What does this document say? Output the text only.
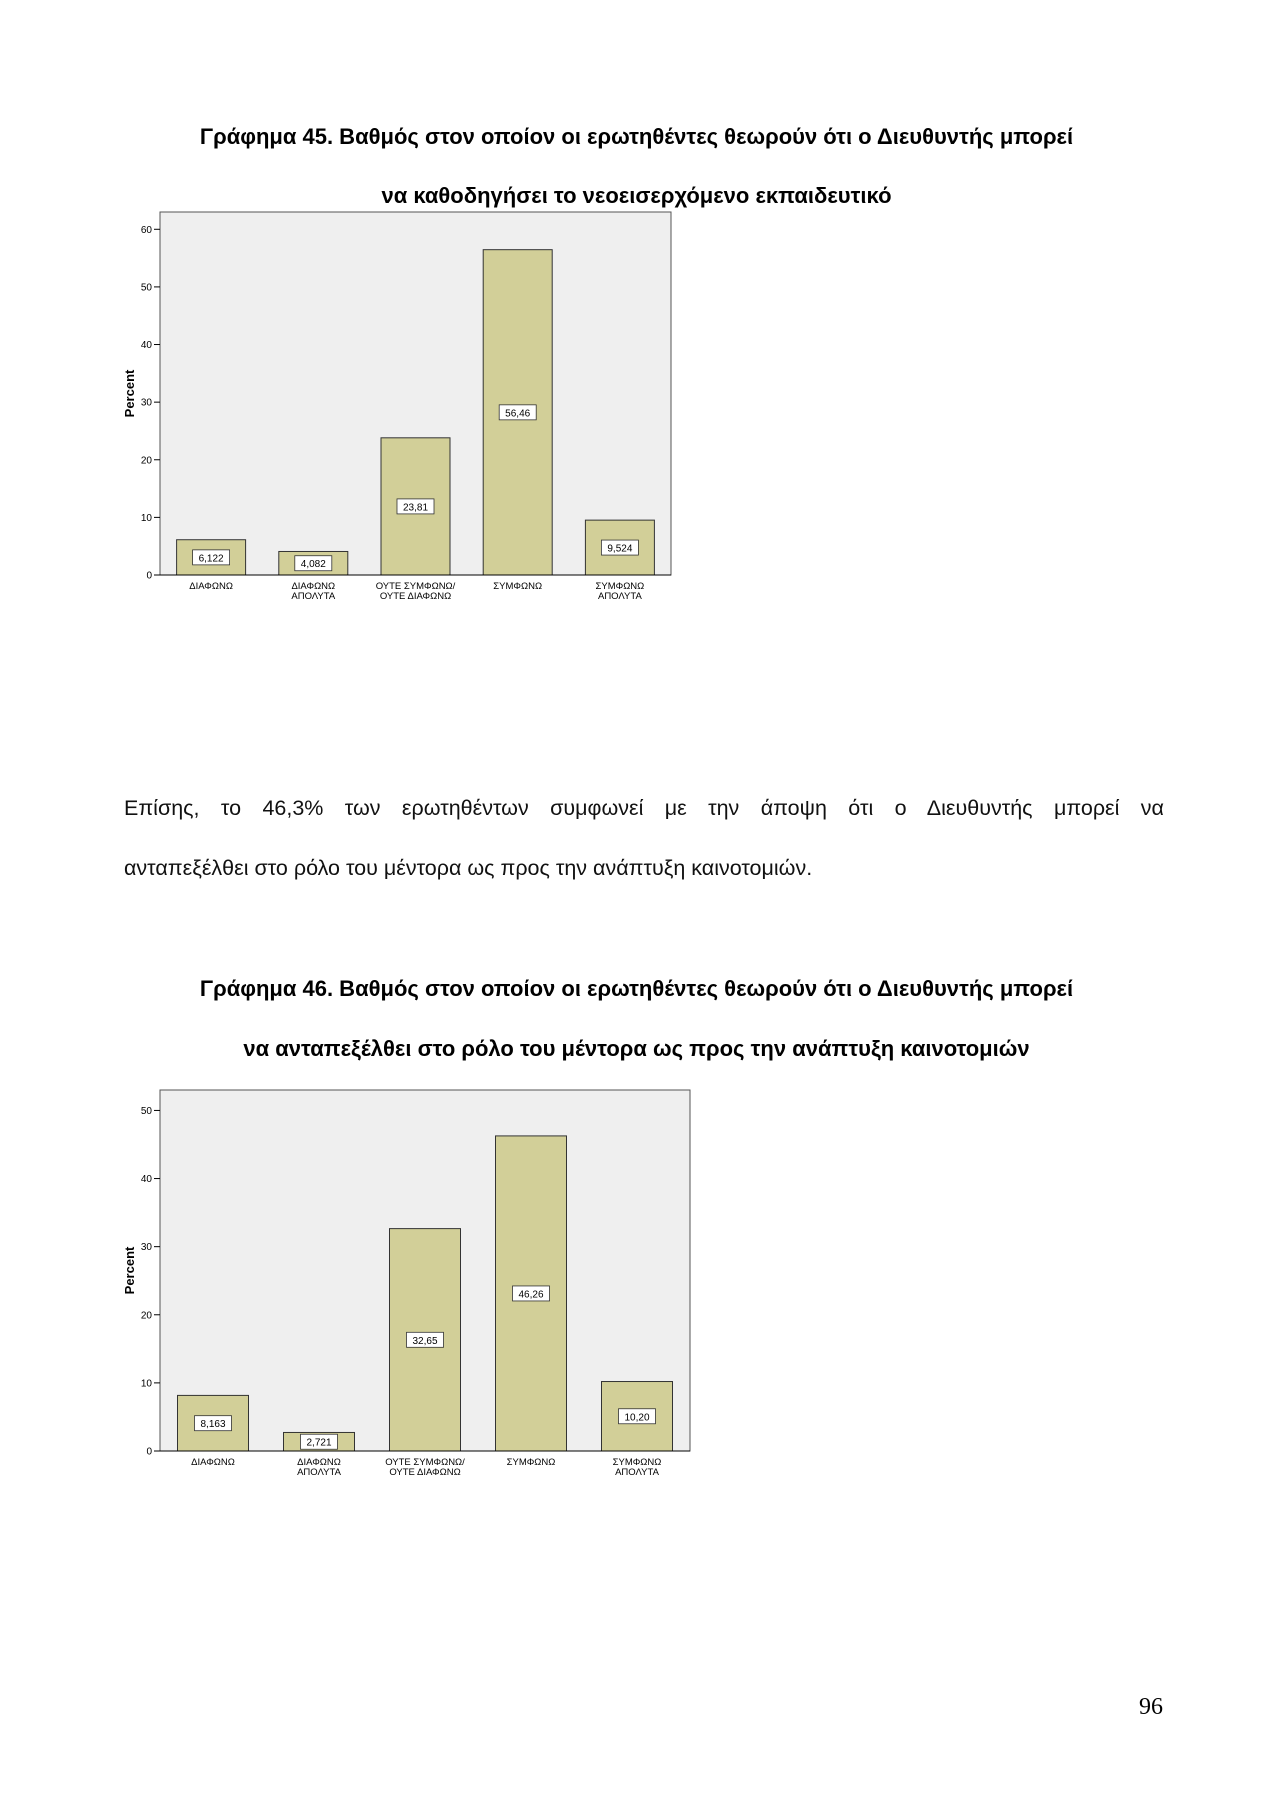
Γράφημα 45. Βαθμός στον οποίον οι ερωτηθέντες θεωρούν ότι ο Διευθυντής μπορεί

να καθοδηγήσει το νεοεισερχόμενο εκπαιδευτικό

0
10
20
30
40
50
60
Percent
6,122
4,082
23,81
56,46
9,524
ΔΙΑΦΩΝΩ	ΔΙΑΦΩΝΩ
ΑΠΟΛΥΤΑ
ΟΥΤΕ ΣΥΜΦΩΝΩ/
ΟΥΤΕ ΔΙΑΦΩΝΩ
ΣΥΜΦΩΝΩ	ΣΥΜΦΩΝΩ
ΑΠΟΛΥΤΑ

Επίσης, το 46,3% των ερωτηθέντων συμφωνεί με την άποψη ότι ο Διευθυντής μπορεί να

ανταπεξέλθει στο ρόλο του μέντορα ως προς την ανάπτυξη καινοτομιών.

Γράφημα 46. Βαθμός στον οποίον οι ερωτηθέντες θεωρούν ότι ο Διευθυντής μπορεί

να ανταπεξέλθει στο ρόλο του μέντορα ως προς την ανάπτυξη καινοτομιών

0
10
20
30
40
50
Percent
8,163
2,721
32,65
46,26
10,20
ΔΙΑΦΩΝΩ	ΔΙΑΦΩΝΩ
ΑΠΟΛΥΤΑ
ΟΥΤΕ ΣΥΜΦΩΝΩ/
ΟΥΤΕ ΔΙΑΦΩΝΩ
ΣΥΜΦΩΝΩ	ΣΥΜΦΩΝΩ
ΑΠΟΛΥΤΑ
96
